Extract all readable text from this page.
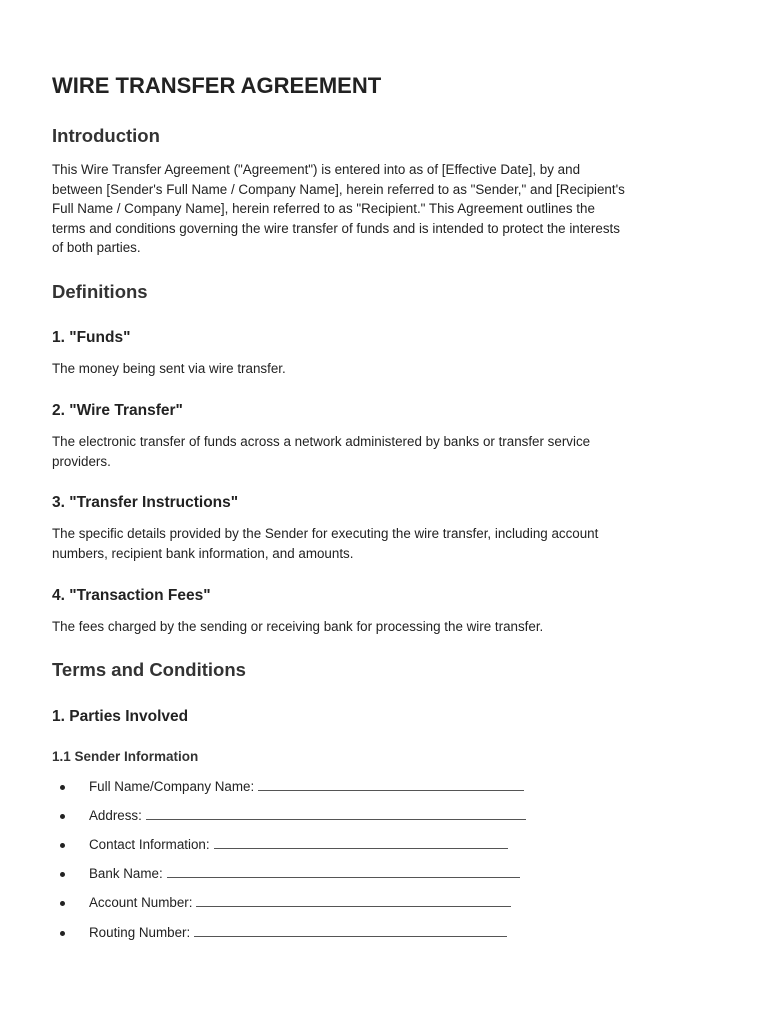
WIRE TRANSFER AGREEMENT
Introduction
This Wire Transfer Agreement ("Agreement") is entered into as of [Effective Date], by and
between [Sender's Full Name / Company Name], herein referred to as "Sender," and [Recipient's
Full Name / Company Name], herein referred to as "Recipient." This Agreement outlines the
terms and conditions governing the wire transfer of funds and is intended to protect the interests
of both parties.
Definitions
1. "Funds"
The money being sent via wire transfer.
2. "Wire Transfer"
The electronic transfer of funds across a network administered by banks or transfer service
providers.
3. "Transfer Instructions"
The specific details provided by the Sender for executing the wire transfer, including account
numbers, recipient bank information, and amounts.
4. "Transaction Fees"
The fees charged by the sending or receiving bank for processing the wire transfer.
Terms and Conditions
1. Parties Involved
1.1 Sender Information
Full Name/Company Name:
Address:
Contact Information:
Bank Name:
Account Number:
Routing Number:
